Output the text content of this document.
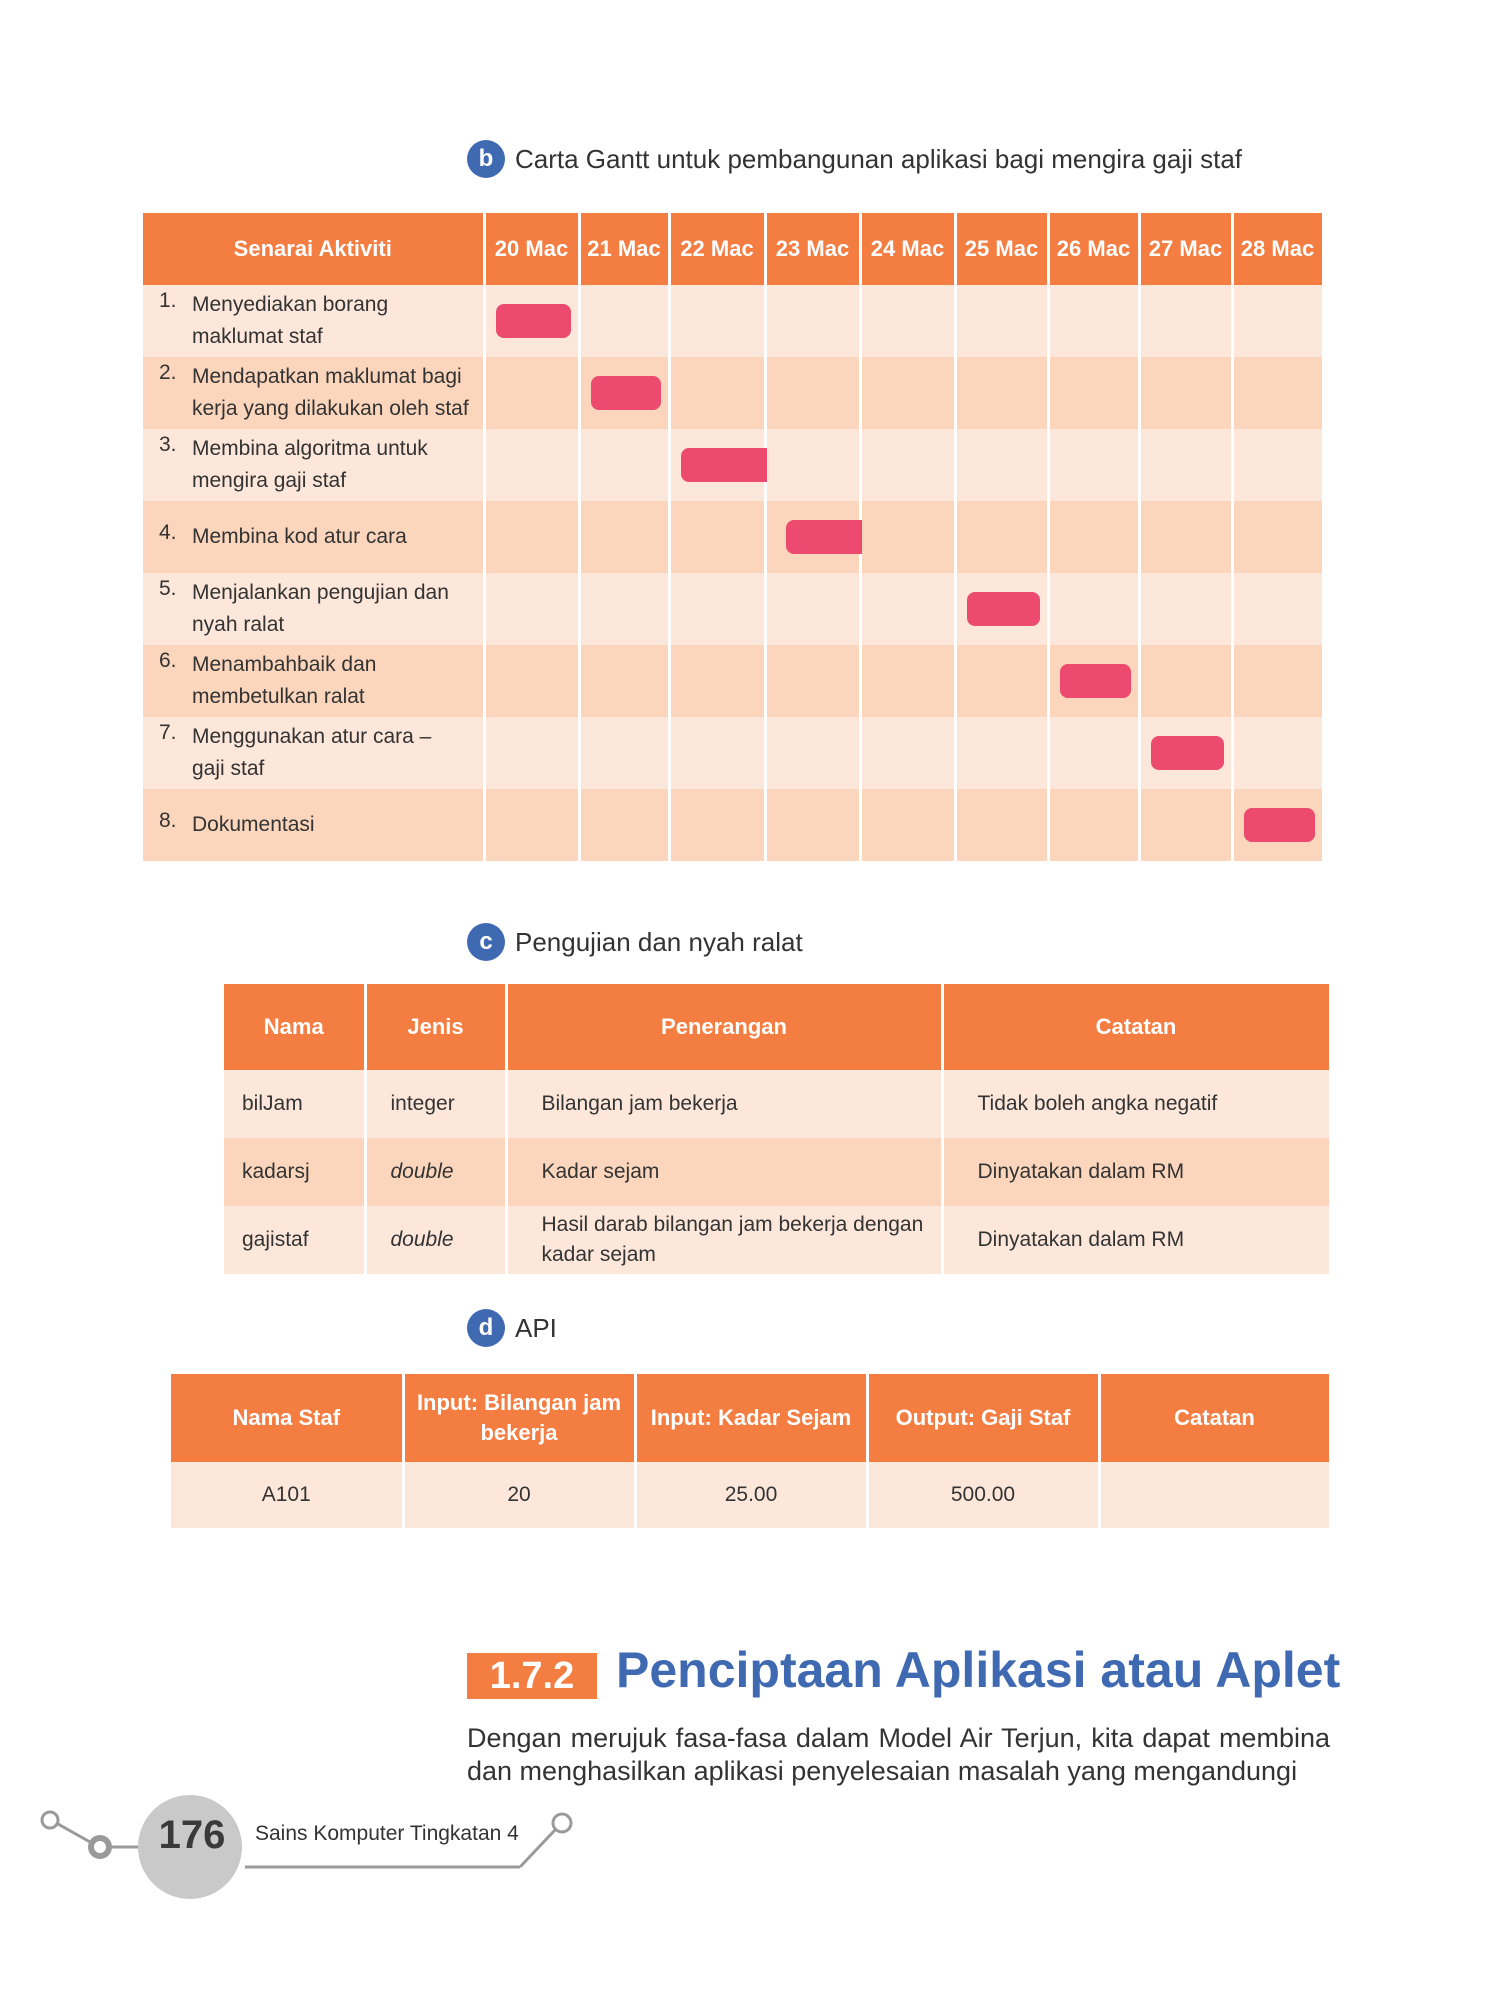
b Carta Gantt untuk pembangunan aplikasi bagi mengira gaji staf
Senarai Aktiviti	20 Mac	21 Mac	22 Mac	23 Mac	24 Mac	25 Mac	26 Mac	27 Mac	28 Mac

1. Menyediakan borang
maklumat staf									

2. Mendapatkan maklumat bagi
kerja yang dilakukan oleh staf									

3. Membina algoritma untuk
mengira gaji staf									

4. Membina kod atur cara									

5. Menjalankan pengujian dan
nyah ralat									

6. Menambahbaik dan
membetulkan ralat									

7. Menggunakan atur cara –
gaji staf									

8. Dokumentasi									

c Pengujian dan nyah ralat
Nama	Jenis	Penerangan	Catatan
bilJam	integer	Bilangan jam bekerja	Tidak boleh angka negatif
kadarsj	double	Kadar sejam	Dinyatakan dalam RM
gajistaf	double	Hasil darab bilangan jam bekerja dengan kadar sejam	Dinyatakan dalam RM
d API
Nama Staf	Input: Bilangan jam bekerja	Input: Kadar Sejam	Output: Gaji Staf	Catatan
A101	20	25.00	500.00	
1.7.2 Penciptaan Aplikasi atau Aplet
Dengan merujuk fasa-fasa dalam Model Air Terjun, kita dapat membina dan menghasilkan aplikasi penyelesaian masalah yang mengandungi
176	Sains Komputer Tingkatan 4
